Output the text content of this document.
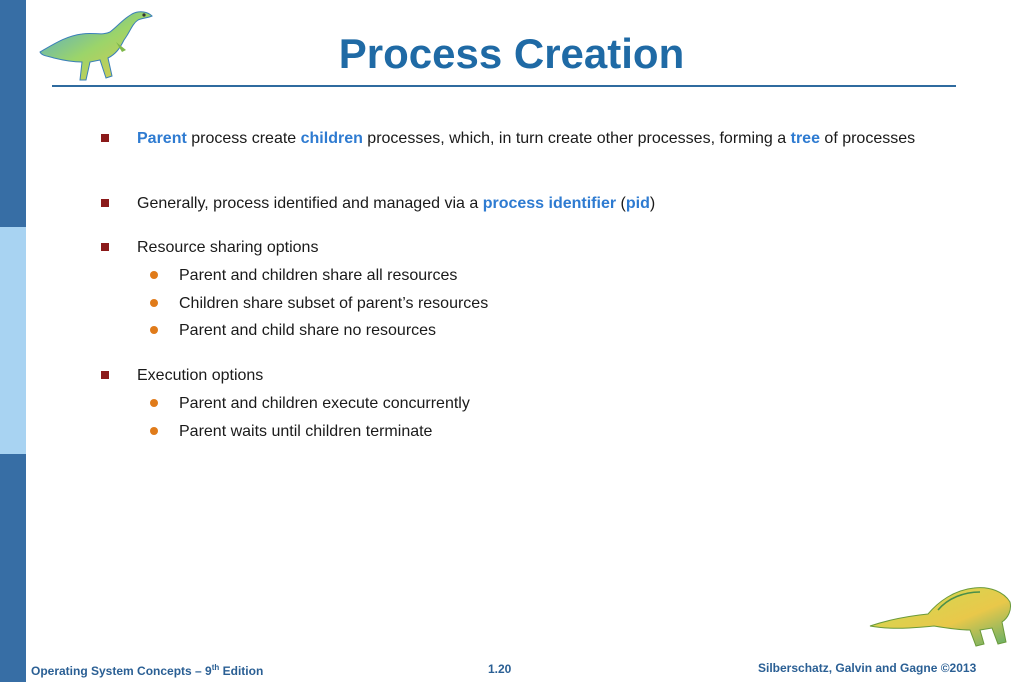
Process Creation
Parent process create children processes, which, in turn create other processes, forming a tree of processes
Generally, process identified and managed via a process identifier (pid)
Resource sharing options
Parent and children share all resources
Children share subset of parent’s resources
Parent and child share no resources
Execution options
Parent and children execute concurrently
Parent waits until children terminate
Operating System Concepts – 9th Edition	1.20	Silberschatz, Galvin and Gagne ©2013
